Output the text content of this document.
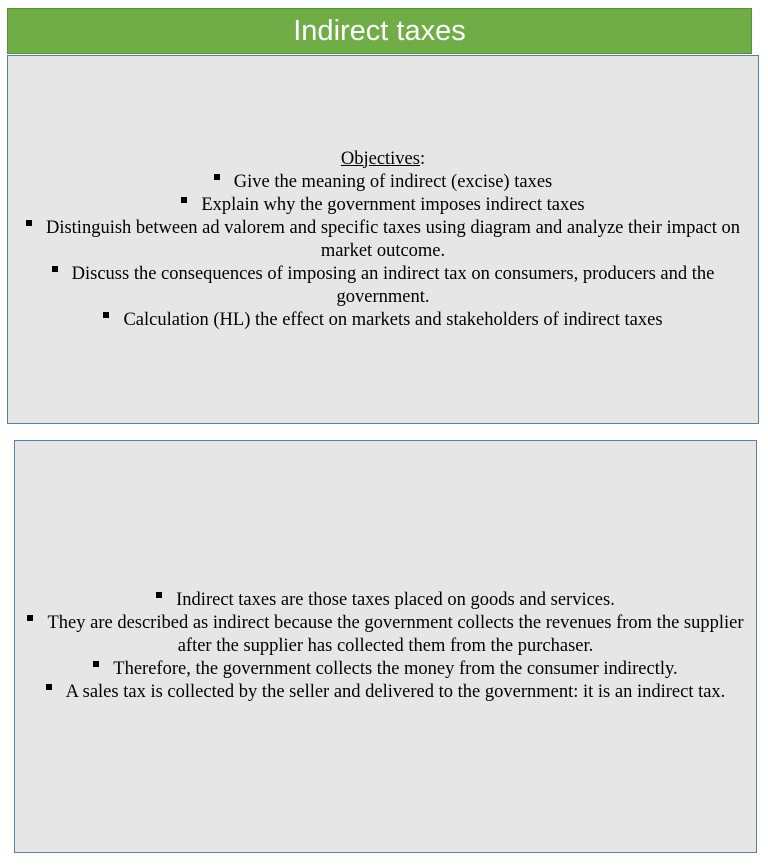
Indirect taxes
Objectives:
Give the meaning of indirect (excise) taxes
Explain why the government imposes indirect taxes
Distinguish between ad valorem and specific taxes using diagram and analyze their impact on market outcome.
Discuss the consequences of imposing an indirect tax on consumers, producers and the government.
Calculation (HL) the effect on markets and stakeholders of indirect taxes
Indirect taxes are those taxes placed on goods and services.
They are described as indirect because the government collects the revenues from the supplier after the supplier has collected them from the purchaser.
Therefore, the government collects the money from the consumer indirectly.
A sales tax is collected by the seller and delivered to the government: it is an indirect tax.
